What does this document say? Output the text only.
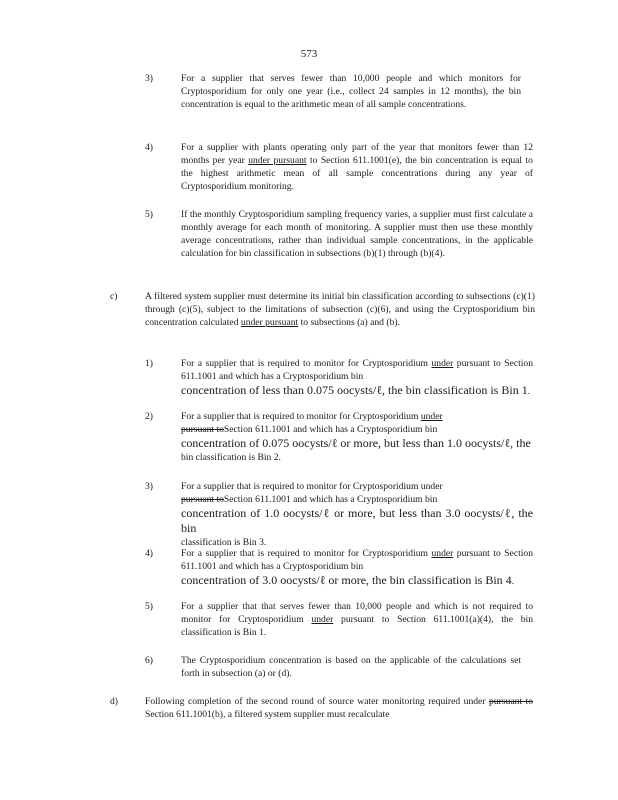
573
3)	For a supplier that serves fewer than 10,000 people and which monitors for Cryptosporidium for only one year (i.e., collect 24 samples in 12 months), the bin concentration is equal to the arithmetic mean of all sample concentrations.
4)	For a supplier with plants operating only part of the year that monitors fewer than 12 months per year under pursuant to Section 611.1001(e), the bin concentration is equal to the highest arithmetic mean of all sample concentrations during any year of Cryptosporidium monitoring.
5)	If the monthly Cryptosporidium sampling frequency varies, a supplier must first calculate a monthly average for each month of monitoring. A supplier must then use these monthly average concentrations, rather than individual sample concentrations, in the applicable calculation for bin classification in subsections (b)(1) through (b)(4).
c)	A filtered system supplier must determine its initial bin classification according to subsections (c)(1) through (c)(5), subject to the limitations of subsection (c)(6), and using the Cryptosporidium bin concentration calculated under pursuant to subsections (a) and (b).
1)	For a supplier that is required to monitor for Cryptosporidium under pursuant to Section 611.1001 and which has a Cryptosporidium bin
concentration of less than 0.075 oocysts/ℓ, the bin classification is Bin 1.
2)	For a supplier that is required to monitor for Cryptosporidium under
pursuant toSection 611.1001 and which has a Cryptosporidium bin
concentration of 0.075 oocysts/ℓ or more, but less than 1.0 oocysts/ℓ, the
bin classification is Bin 2.
3)	For a supplier that is required to monitor for Cryptosporidium under
pursuant toSection 611.1001 and which has a Cryptosporidium bin
concentration of 1.0 oocysts/ℓ or more, but less than 3.0 oocysts/ℓ, the bin
classification is Bin 3.
4)	For a supplier that is required to monitor for Cryptosporidium under pursuant to Section 611.1001 and which has a Cryptosporidium bin
concentration of 3.0 oocysts/ℓ or more, the bin classification is Bin 4.
5)	For a supplier that that serves fewer than 10,000 people and which is not required to monitor for Cryptosporidium under pursuant to Section 611.1001(a)(4), the bin classification is Bin 1.
6)	The Cryptosporidium concentration is based on the applicable of the calculations set forth in subsection (a) or (d).
d)	Following completion of the second round of source water monitoring required under pursuant to Section 611.1001(b), a filtered system supplier must recalculate
